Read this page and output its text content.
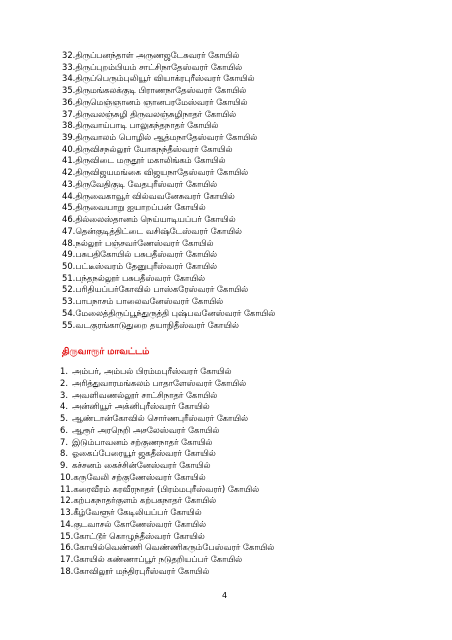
32.திருப்பனந்தாள் அருணஜடேசுவரர் கோயில்
33.திருப்புறம்பியம் சாட்சிநாதேஸ்வரர் கோயில்
34.திருப்பெரும்புலியூர் வியாக்ரபுரீஸ்வரர் கோயில்
35.திருமங்கலக்குடி பிராணநாதேஸ்வரர் கோயில்
36.திருமெஞ்ஞானம் ஞானபரமேஸ்வரர் கோயில்
37.திருவலஞ்சுழி திருவலஞ்சுழிநாதர் கோயில்
38.திருவாய்பாடி பாலுகந்தநாதர் கோயில்
39.திருவாலம் பொழில் ஆத்மநாதேஸ்வரர் கோயில்
40.திருவிசநல்லூர் யோகநந்தீஸ்வரர் கோயில்
41.திருவிடை மருதூர் மகாலிங்கம் கோயில்
42.திருவிஜயமங்கை விஜயநாதேஸ்வரர் கோயில்
43.திருவேதிகுடி வேதபுரீஸ்வரர் கோயில்
44.திருவைகாவூர் வில்வவனேசுவரர் கோயில்
45.திருவையாறு ஐயாறப்பன் கோயில்
46.தில்லைஸ்தானம் நெய்யாடியப்பர் கோயில்
47.தென்குடித்திட்டை வசிஷ்டேஸ்வரர் கோயில்
48.நல்லூர் பஞ்சவர்ணேஸ்வரர் கோயில்
49.பசுபதிகோயில் பசுபதீஸ்வரர் கோயில்
50.பட்டீஸ்வரம் தேனுபுரீஸ்வரர் கோயில்
51.பந்தநல்லூர் பசுபதீஸ்வரர் கோயில்
52.பரிதியப்பர்கோவில் பாஸ்கரேஸ்வரர் கோயில்
53.பாபநாசம் பாலைவனேஸ்வரர் கோயில்
54.மேலைத்திருப்பூந்துருத்தி புஷ்பவனேஸ்வரர் கோயில்
55.வடகுரங்காடுதுறை தயாநிதீஸ்வரர் கோயில்
திருவாரூர் மாவட்டம்
1. அம்பர், அம்பல் பிரம்மபுரீஸ்வரர் கோயில்
2. அரித்துவாரமங்கலம் பாதாளேஸ்வரர் கோயில்
3. அவளிவணல்லூர் சாட்சிநாதர் கோயில்
4. அன்னியூர் அக்னிபுரீஸ்வரர் கோயில்
5. ஆண்டான்கோவில் சொர்ணபுரீஸ்வரர் கோயில்
6. ஆரூர் அரநெறி அசலேஸ்வரர் கோயில்
7. இடும்பாவனம் சற்குணநாதர் கோயில்
8. ஓகைப்பேரையூர் ஜகதீஸ்வரர் கோயில்
9. கச்சனம் கைச்சின்னேஸ்வரர் கோயில்
10.கருவேலி சற்குணேஸ்வரர் கோயில்
11.கரைவீரம் கரவீரநாதர் (பிரம்மபுரீஸ்வரர்) கோயில்
12.கற்பகநாதர்குளம் கற்பகநாதர் கோயில்
13.கீழ்வேளூர் கேடிலியப்பர் கோயில்
14.குடவாசல் கோணேஸ்வரர் கோயில்
15.கோட்டூர் கொழுந்தீஸ்வரர் கோயில்
16.கோயில்வெண்ணி வெண்ணிகரும்பேஸ்வரர் கோயில்
17.கோயில் கண்ணாப்பூர் நடுதறியப்பர் கோயில்
18.கோவிலூர் மந்திரபுரீஸ்வரர் கோயில்
4
